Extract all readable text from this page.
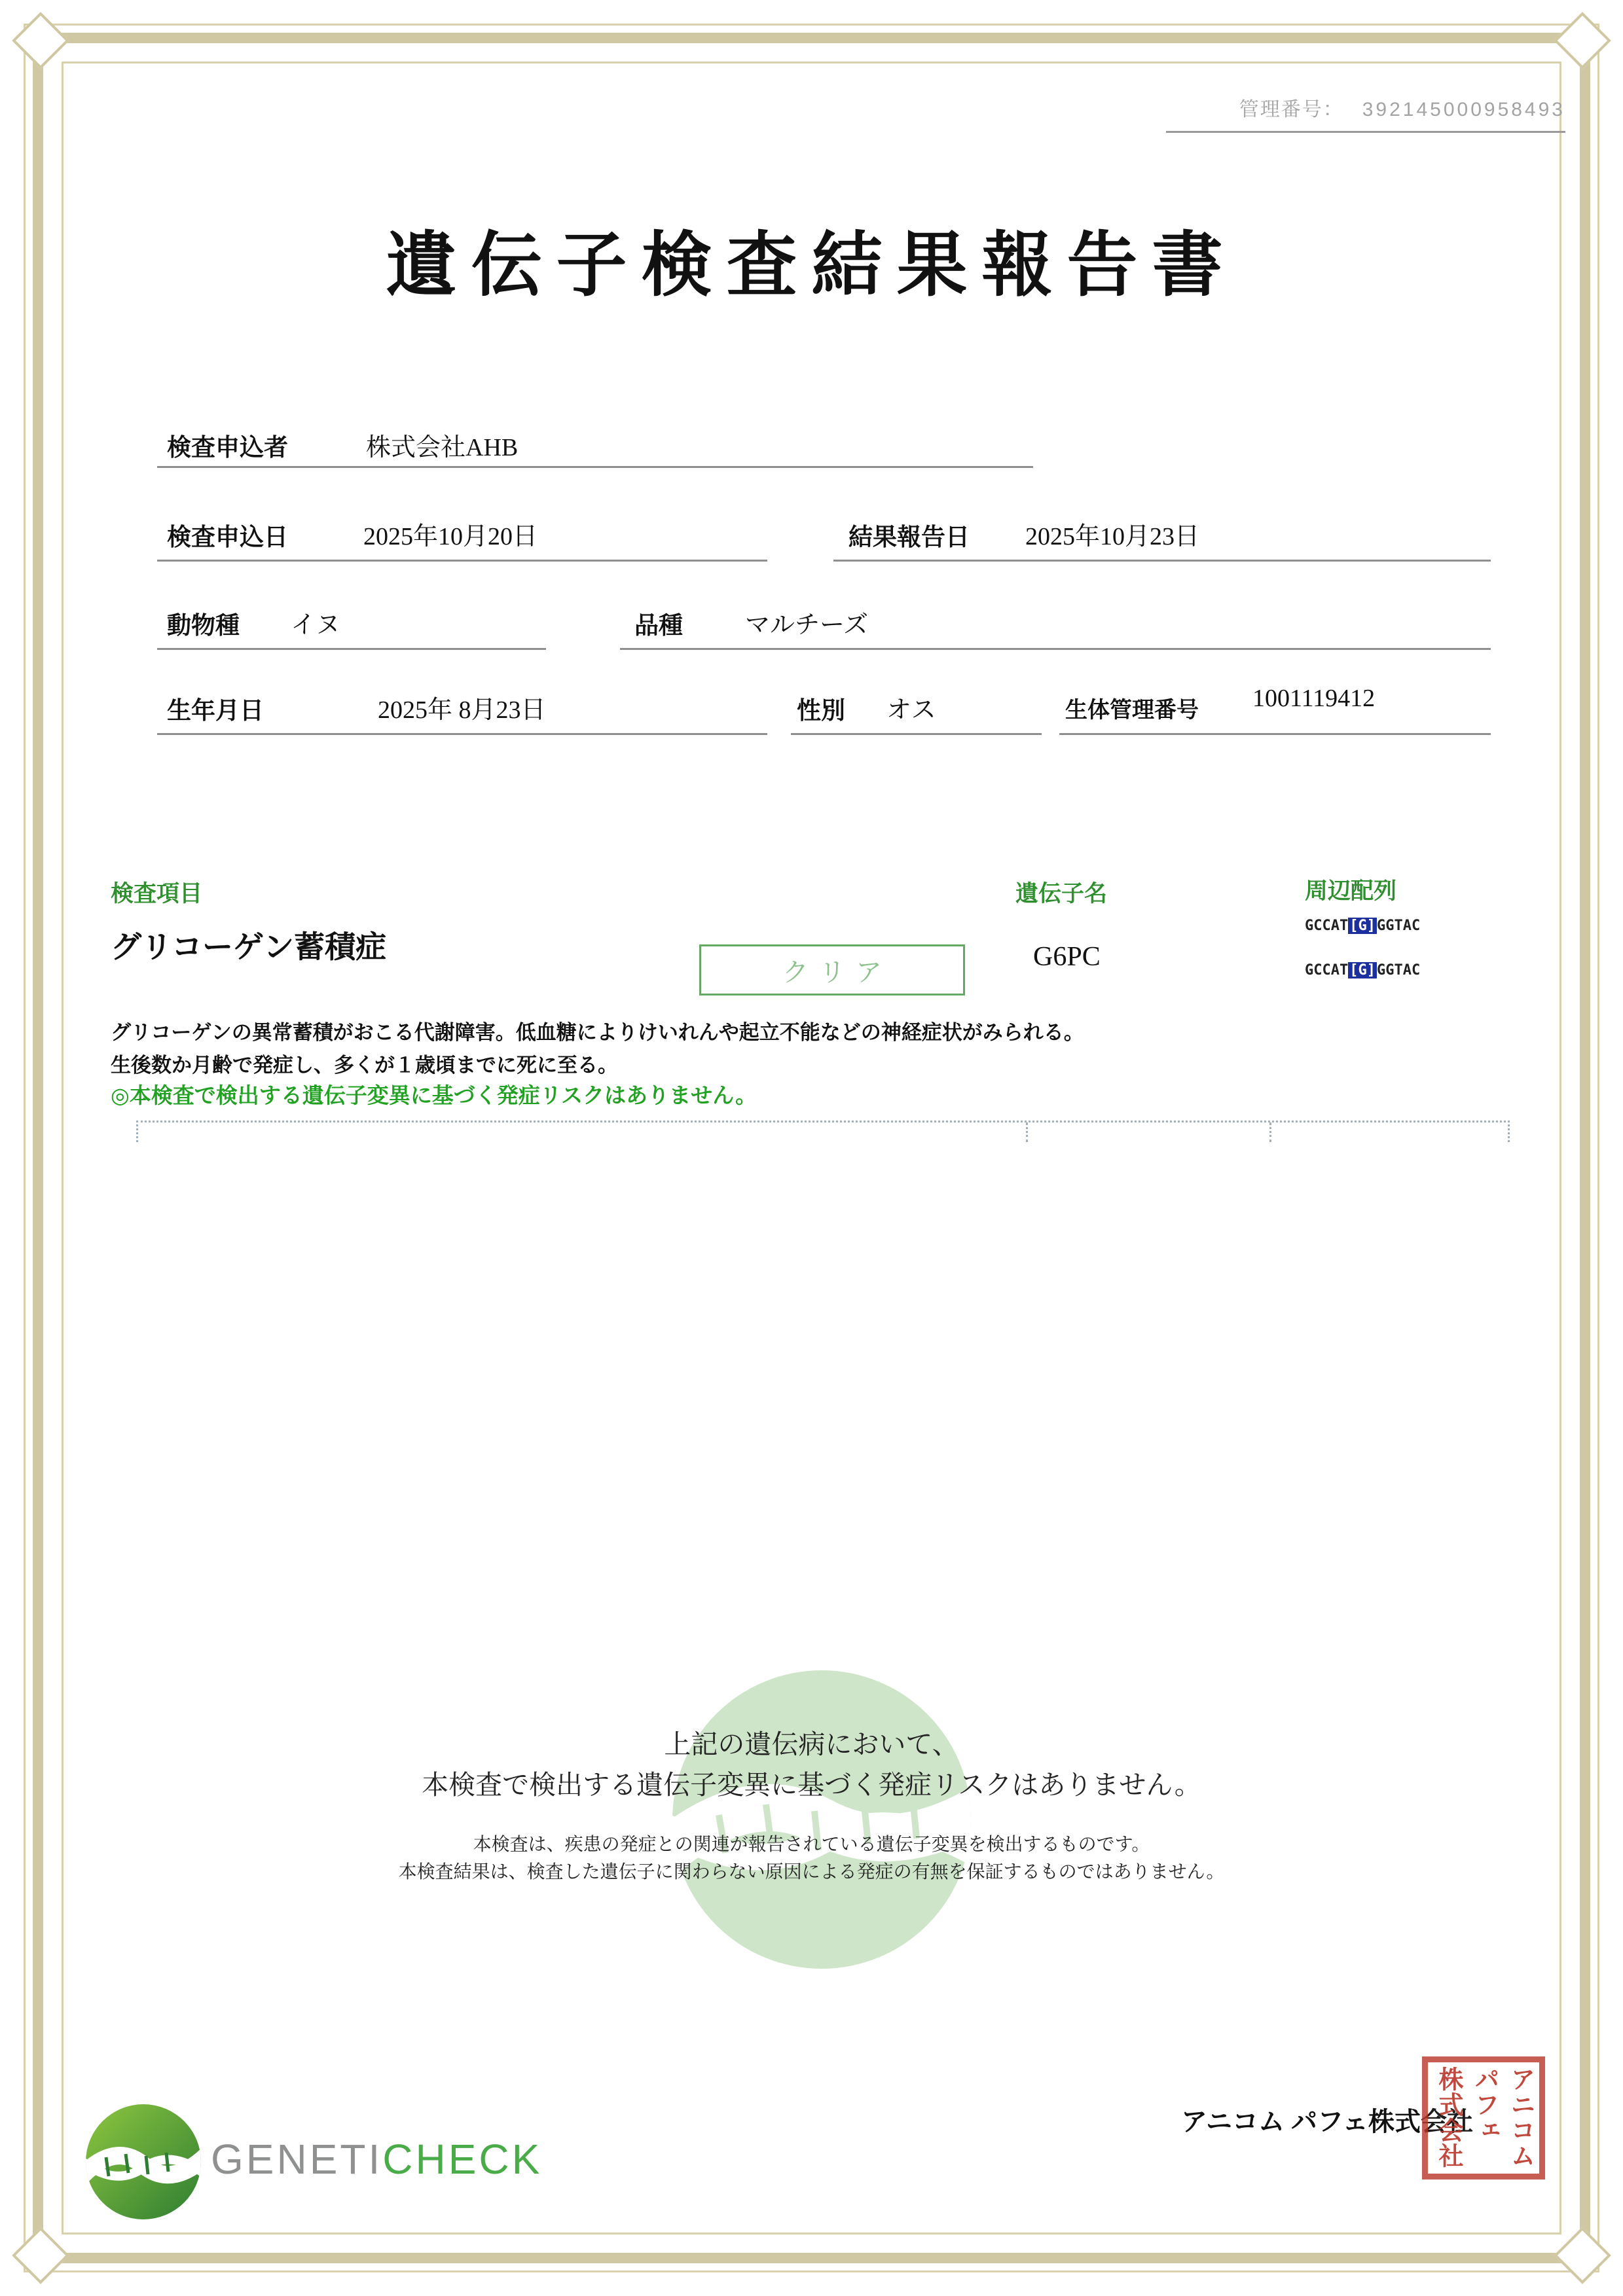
管理番号： 392145000958493
遺伝子検査結果報告書
検査申込者	株式会社AHB
検査申込日	2025年10月20日	結果報告日 2025年10月23日
動物種 イヌ	品種	マルチーズ
生年月日	2025年 8月23日	性別 オス	生体管理番号 1001119412
検査項目	遺伝子名	周辺配列
グリコーゲン蓄積症
クリア	G6PC
GCCAT[G]GGTAC
GCCAT[G]GGTAC
グリコーゲンの異常蓄積がおこる代謝障害。低血糖によりけいれんや起立不能などの神経症状がみられる。
生後数か月齢で発症し、多くが１歳頃までに死に至る。
◎本検査で検出する遺伝子変異に基づく発症リスクはありません。
上記の遺伝病において、
本検査で検出する遺伝子変異に基づく発症リスクはありません。
本検査は、疾患の発症との関連が報告されている遺伝子変異を検出するものです。
本検査結果は、検査した遺伝子に関わらない原因による発症の有無を保証するものではありません。
GENETICHECK
アニコム パフェ株式会社 アニコム
パフェ
株式会社
